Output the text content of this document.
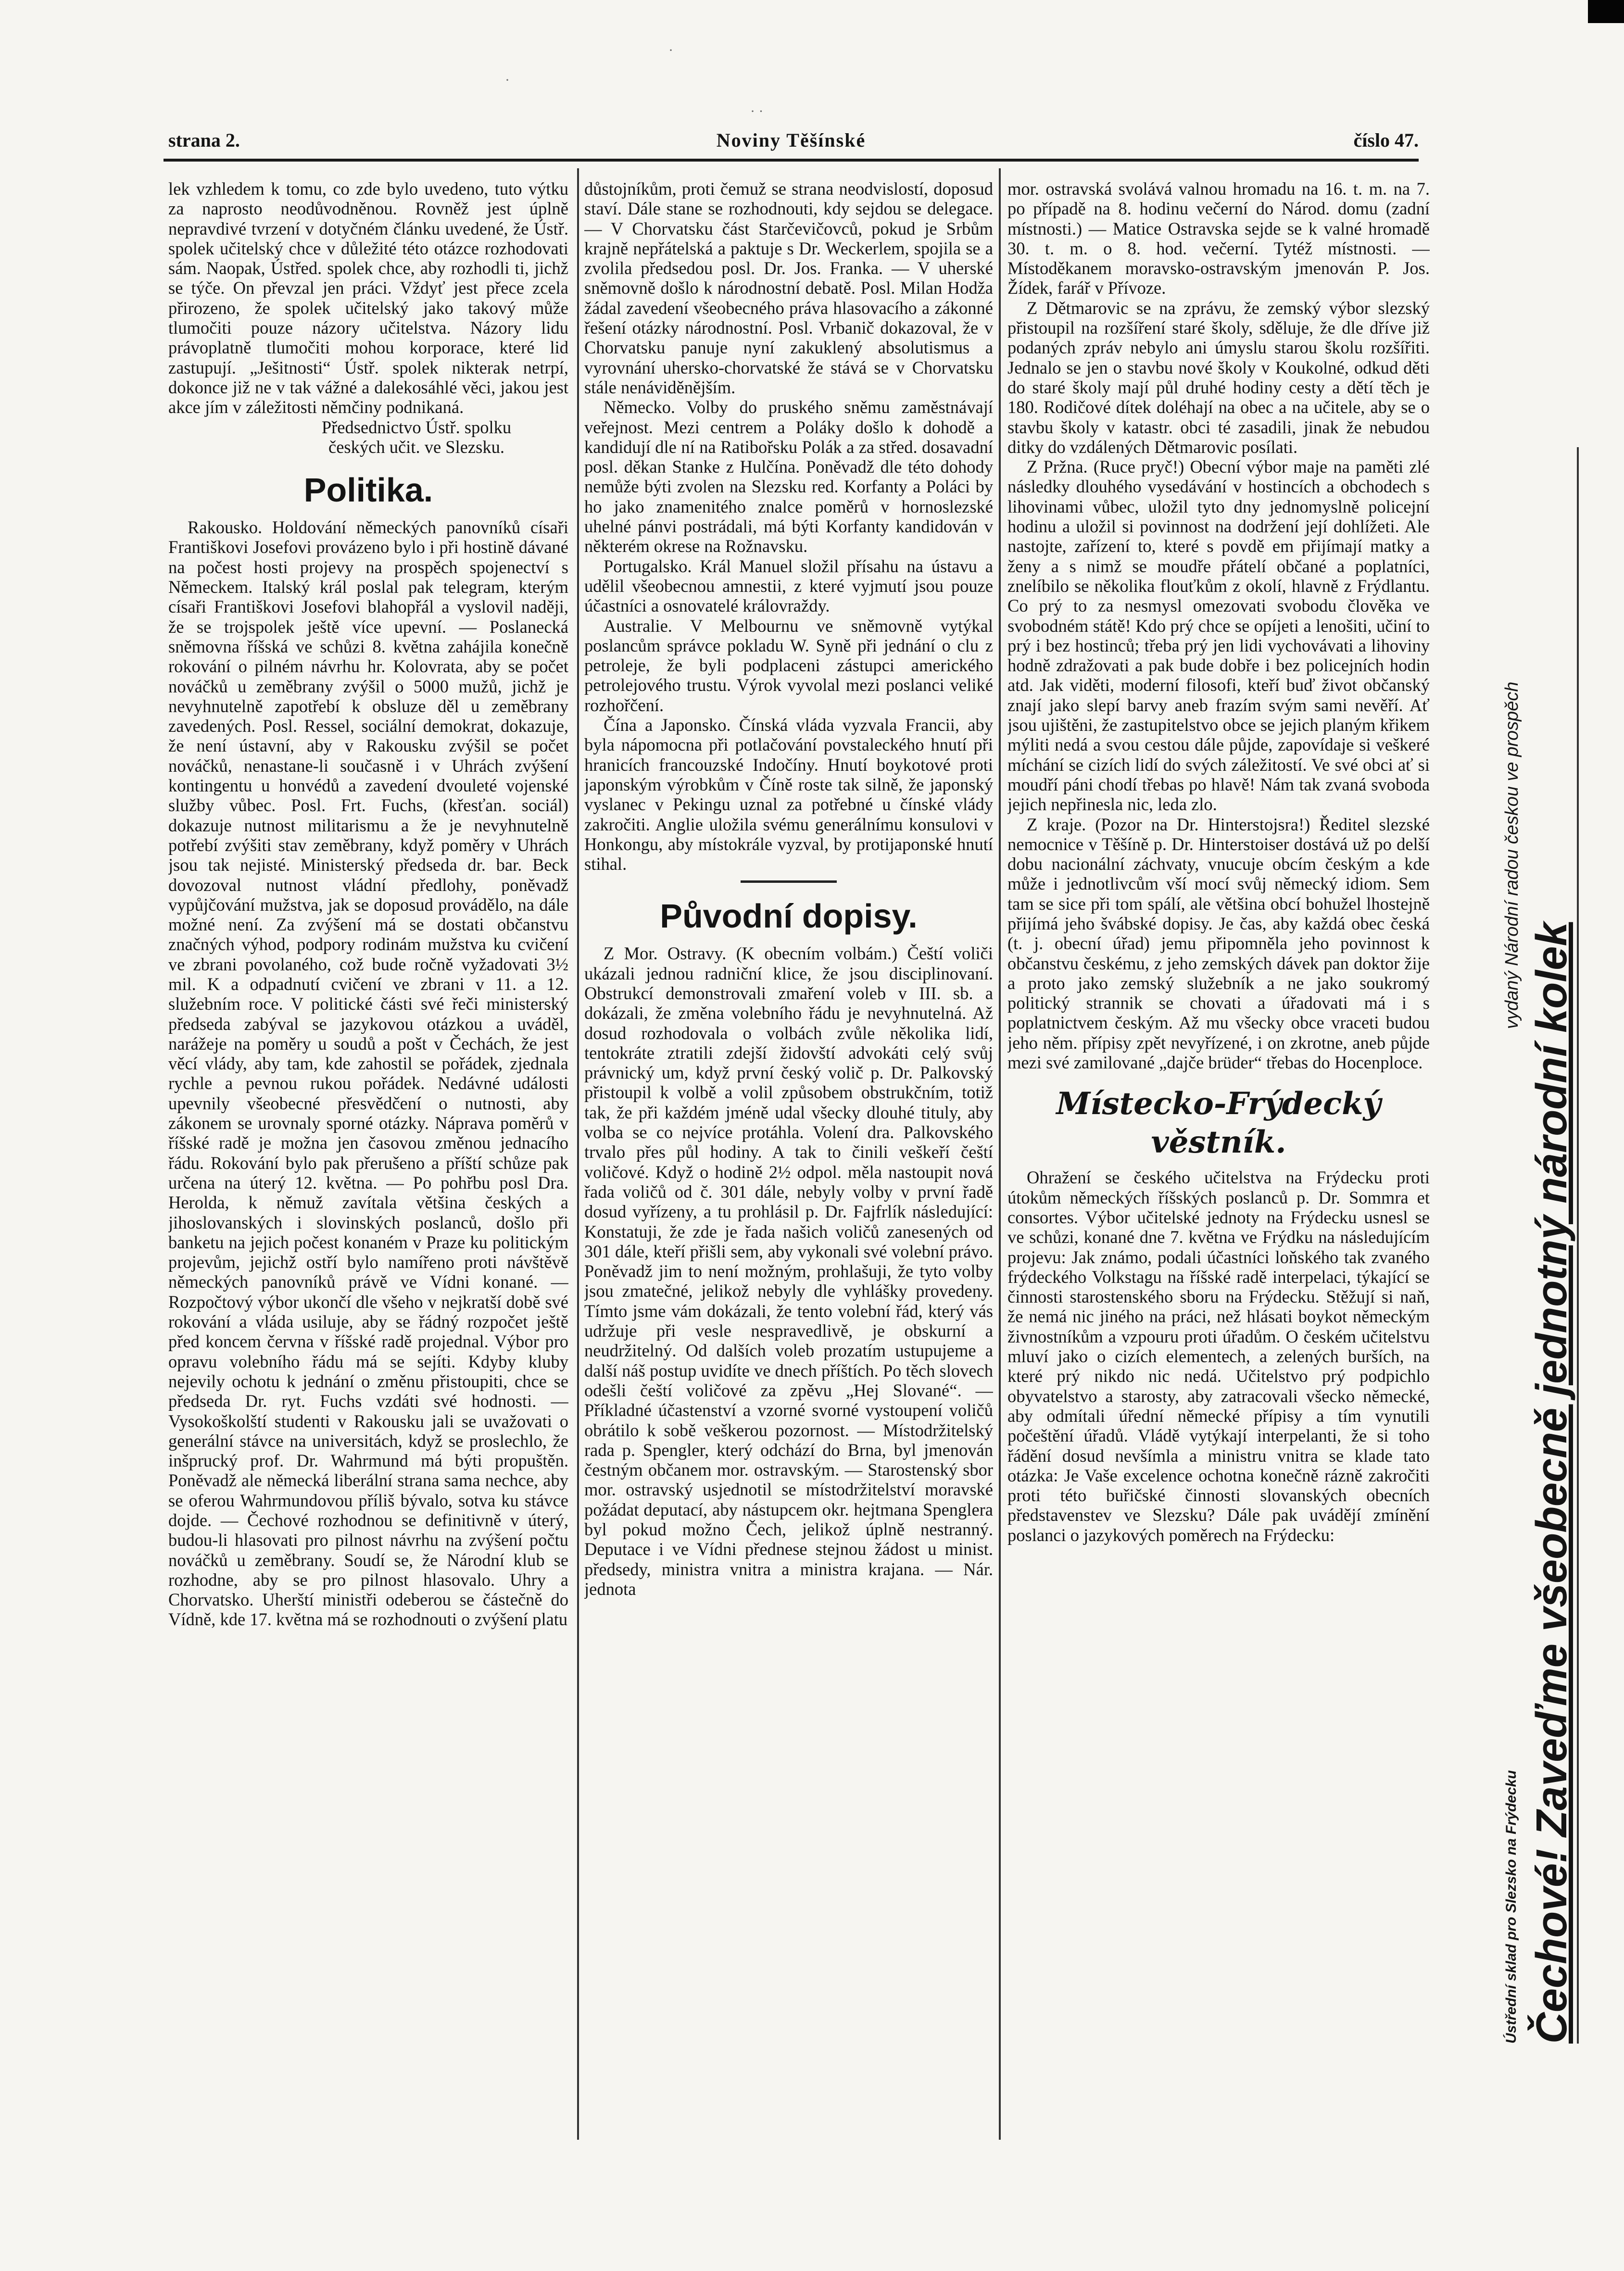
·
· ·
·
Noviny Těšínské
strana 2.	číslo 47.

lek vzhledem k tomu, co zde bylo uvedeno, tuto výtku za naprosto neodůvodněnou. Rovněž jest úplně nepravdivé tvrzení v dotyčném článku uvedené, že Ústř. spolek učitelský chce v důležité této otázce rozhodovati sám. Naopak, Ústřed. spolek chce, aby rozhodli ti, jichž se týče. On převzal jen práci. Vždyť jest přece zcela přirozeno, že spolek učitelský jako takový může tlumočiti pouze názory učitelstva. Názory lidu právoplatně tlumočiti mohou korporace, které lid zastupují. „Ješitnosti“ Ústř. spolek nikterak netrpí, dokonce již ne v tak vážné a dalekosáhlé věci, jakou jest akce jím v záležitosti němčiny podnikaná.

Předsednictvo Ústř. spolku
českých učit. ve Slezsku.
Politika.

Rakousko. Holdování německých panovníků císaři Františkovi Josefovi provázeno bylo i při hostině dávané na počest hosti projevy na prospěch spojenectví s Německem. Italský král poslal pak telegram, kterým císaři Františkovi Josefovi blahopřál a vyslovil naději, že se trojspolek ještě více upevní. — Poslanecká sněmovna říšská ve schůzi 8. května zahájila konečně rokování o pilném návrhu hr. Kolovrata, aby se počet nováčků u zeměbrany zvýšil o 5000 mužů, jichž je nevyhnutelně zapotřebí k obsluze děl u zeměbrany zavedených. Posl. Ressel, sociální demokrat, dokazuje, že není ústavní, aby v Rakousku zvýšil se počet nováčků, nenastane-li současně i v Uhrách zvýšení kontingentu u honvédů a zavedení dvouleté vojenské služby vůbec. Posl. Frt. Fuchs, (křesťan. sociál) dokazuje nutnost militarismu a že je nevyhnutelně potřebí zvýšiti stav zeměbrany, když poměry v Uhrách jsou tak nejisté. Ministerský předseda dr. bar. Beck dovozoval nutnost vládní předlohy, poněvadž vypůjčování mužstva, jak se doposud provádělo, na dále možné není. Za zvýšení má se dostati občanstvu značných výhod, podpory rodinám mužstva ku cvičení ve zbrani povolaného, což bude ročně vyžadovati 3½ mil. K a odpadnutí cvičení ve zbrani v 11. a 12. služebním roce. V politické části své řeči ministerský předseda zabýval se jazykovou otázkou a uváděl, narážeje na poměry u soudů a pošt v Čechách, že jest věcí vlády, aby tam, kde zahostil se pořádek, zjednala rychle a pevnou rukou pořádek. Nedávné události upevnily všeobecné přesvědčení o nutnosti, aby zákonem se urovnaly sporné otázky. Náprava poměrů v říšské radě je možna jen časovou změnou jednacího řádu. Rokování bylo pak přerušeno a příští schůze pak určena na úterý 12. května. — Po pohřbu posl Dra. Herolda, k němuž zavítala většina českých a jihoslovanských i slovinských poslanců, došlo při banketu na jejich počest konaném v Praze ku politickým projevům, jejichž ostří bylo namířeno proti návštěvě německých panovníků právě ve Vídni konané. — Rozpočtový výbor ukončí dle všeho v nejkratší době své rokování a vláda usiluje, aby se řádný rozpočet ještě před koncem června v říšské radě projednal. Výbor pro opravu volebního řádu má se sejíti. Kdyby kluby nejevily ochotu k jednání o změnu přistoupiti, chce se předseda Dr. ryt. Fuchs vzdáti své hodnosti. — Vysokoškolští studenti v Rakousku jali se uvažovati o generální stávce na universitách, když se proslechlo, že inšprucký prof. Dr. Wahrmund má býti propuštěn. Poněvadž ale německá liberální strana sama nechce, aby se oferou Wahrmundovou příliš bývalo, sotva ku stávce dojde. — Čechové rozhodnou se definitivně v úterý, budou-li hlasovati pro pilnost návrhu na zvýšení počtu nováčků u zeměbrany. Soudí se, že Národní klub se rozhodne, aby se pro pilnost hlasovalo. Uhry a Chorvatsko. Uherští ministři odeberou se částečně do Vídně, kde 17. května má se rozhodnouti o zvýšení platu

důstojníkům, proti čemuž se strana neodvislostí, doposud staví. Dále stane se rozhodnouti, kdy sejdou se delegace. — V Chorvatsku část Starčevičovců, pokud je Srbům krajně nepřátelská a paktuje s Dr. Weckerlem, spojila se a zvolila předsedou posl. Dr. Jos. Franka. — V uherské sněmovně došlo k národnostní debatě. Posl. Milan Hodža žádal zavedení všeobecného práva hlasovacího a zákonné řešení otázky národnostní. Posl. Vrbanič dokazoval, že v Chorvatsku panuje nyní zakuklený absolutismus a vyrovnání uhersko-chorvatské že stává se v Chorvatsku stále nenáviděnějším.

Německo. Volby do pruského sněmu zaměstnávají veřejnost. Mezi centrem a Poláky došlo k dohodě a kandidují dle ní na Ratibořsku Polák a za střed. dosavadní posl. děkan Stanke z Hulčína. Poněvadž dle této dohody nemůže býti zvolen na Slezsku red. Korfanty a Poláci by ho jako znamenitého znalce poměrů v hornoslezské uhelné pánvi postrádali, má býti Korfanty kandidován v některém okrese na Rožnavsku.

Portugalsko. Král Manuel složil přísahu na ústavu a udělil všeobecnou amnestii, z které vyjmutí jsou pouze účastníci a osnovatelé královraždy.

Australie. V Melbournu ve sněmovně vytýkal poslancům správce pokladu W. Syně při jednání o clu z petroleje, že byli podplaceni zástupci amerického petrolejového trustu. Výrok vyvolal mezi poslanci veliké rozhořčení.

Čína a Japonsko. Čínská vláda vyzvala Francii, aby byla nápomocna při potlačování povstaleckého hnutí při hranicích francouzské Indočíny. Hnutí boykotové proti japonským výrobkům v Číně roste tak silně, že japonský vyslanec v Pekingu uznal za potřebné u čínské vlády zakročiti. Anglie uložila svému generálnímu konsulovi v Honkongu, aby místokrále vyzval, by protijaponské hnutí stihal.

Původní dopisy.

Z Mor. Ostravy. (K obecním volbám.) Čeští voliči ukázali jednou radniční klice, že jsou disciplinovaní. Obstrukcí demonstrovali zmaření voleb v III. sb. a dokázali, že změna volebního řádu je nevyhnutelná. Až dosud rozhodovala o volbách zvůle několika lidí, tentokráte ztratili zdejší židovští advokáti celý svůj právnický um, když první český volič p. Dr. Palkovský přistoupil k volbě a volil způsobem obstrukčním, totiž tak, že při každém jméně udal všecky dlouhé tituly, aby volba se co nejvíce protáhla. Volení dra. Palkovského trvalo přes půl hodiny. A tak to činili veškeří čeští voličové. Když o hodině 2½ odpol. měla nastoupit nová řada voličů od č. 301 dále, nebyly volby v první řadě dosud vyřízeny, a tu prohlásil p. Dr. Fajfrlík následující: Konstatuji, že zde je řada našich voličů zanesených od 301 dále, kteří přišli sem, aby vykonali své volební právo. Poněvadž jim to není možným, prohlašuji, že tyto volby jsou zmatečné, jelikož nebyly dle vyhlášky provedeny. Tímto jsme vám dokázali, že tento volební řád, který vás udržuje při vesle nespravedlivě, je obskurní a neudržitelný. Od dalších voleb prozatím ustupujeme a další náš postup uvidíte ve dnech příštích. Po těch slovech odešli čeští voličové za zpěvu „Hej Slované“. — Příkladné účastenství a vzorné svorné vystoupení voličů obrátilo k sobě veškerou pozornost. — Místodržitelský rada p. Spengler, který odchází do Brna, byl jmenován čestným občanem mor. ostravským. — Starostenský sbor mor. ostravský usjednotil se místodržitelství moravské požádat deputací, aby nástupcem okr. hejtmana Spenglera byl pokud možno Čech, jelikož úplně nestranný. Deputace i ve Vídni přednese stejnou žádost u minist. předsedy, ministra vnitra a ministra krajana. — Nár. jednota

mor. ostravská svolává valnou hromadu na 16. t. m. na 7. po případě na 8. hodinu večerní do Národ. domu (zadní místnosti.) — Matice Ostravska sejde se k valné hromadě 30. t. m. o 8. hod. večerní. Tytéž místnosti. — Místoděkanem moravsko-ostravským jmenován P. Jos. Žídek, farář v Přívoze.

Z Dětmarovic se na zprávu, že zemský výbor slezský přistoupil na rozšíření staré školy, sděluje, že dle dříve již podaných zpráv nebylo ani úmyslu starou školu rozšířiti. Jednalo se jen o stavbu nové školy v Koukolné, odkud děti do staré školy mají půl druhé hodiny cesty a dětí těch je 180. Rodičové dítek doléhají na obec a na učitele, aby se o stavbu školy v katastr. obci té zasadili, jinak že nebudou ditky do vzdálených Dětmarovic posílati.

Z Pržna. (Ruce pryč!) Obecní výbor maje na paměti zlé následky dlouhého vysedávání v hostincích a obchodech s lihovinami vůbec, uložil tyto dny jednomyslně policejní hodinu a uložil si povinnost na dodržení její dohlížeti. Ale nastojte, zařízení to, které s povdě em přijímají matky a ženy a s nimž se moudře přátelí občané a poplatníci, znelíbilo se několika flouťkům z okolí, hlavně z Frýdlantu. Co prý to za nesmysl omezovati svobodu člověka ve svobodném státě! Kdo prý chce se opíjeti a lenošiti, učiní to prý i bez hostinců; třeba prý jen lidi vychovávati a lihoviny hodně zdražovati a pak bude dobře i bez policejních hodin atd. Jak viděti, moderní filosofi, kteří buď život občanský znají jako slepí barvy aneb frazím svým sami nevěří. Ať jsou ujištěni, že zastupitelstvo obce se jejich planým křikem mýliti nedá a svou cestou dále půjde, zapovídaje si veškeré míchání se cizích lidí do svých záležitostí. Ve své obci ať si moudří páni chodí třebas po hlavě! Nám tak zvaná svoboda jejich nepřinesla nic, leda zlo.

Z kraje. (Pozor na Dr. Hinterstojsra!) Ředitel slezské nemocnice v Těšíně p. Dr. Hinterstoiser dostává už po delší dobu nacionální záchvaty, vnucuje obcím českým a kde může i jednotlivcům vší mocí svůj německý idiom. Sem tam se sice při tom spálí, ale většina obcí bohužel lhostejně přijímá jeho švábské dopisy. Je čas, aby každá obec česká (t. j. obecní úřad) jemu připomněla jeho povinnost k občanstvu českému, z jeho zemských dávek pan doktor žije a proto jako zemský služebník a ne jako soukromý politický strannik se chovati a úřadovati má i s poplatnictvem českým. Až mu všecky obce vraceti budou jeho něm. přípisy zpět nevyřízené, i on zkrotne, aneb půjde mezi své zamilované „dajče brüder“ třebas do Hocenploce.

Místecko-Frýdecký věstník.

Ohražení se českého učitelstva na Frýdecku proti útokům německých říšských poslanců p. Dr. Sommra et consortes. Výbor učitelské jednoty na Frýdecku usnesl se ve schůzi, konané dne 7. května ve Frýdku na následujícím projevu: Jak známo, podali účastníci loňského tak zvaného frýdeckého Volkstagu na říšské radě interpelaci, týkající se činnosti starostenského sboru na Frýdecku. Stěžují si naň, že nemá nic jiného na práci, než hlásati boykot německým živnostníkům a vzpouru proti úřadům. O českém učitelstvu mluví jako o cizích elementech, a zelených burších, na které prý nikdo nic nedá. Učitelstvo prý podpichlo obyvatelstvo a starosty, aby zatracovali všecko německé, aby odmítali úřední německé přípisy a tím vynutili počeštění úřadů. Vládě vytýkají interpelanti, že si toho řádění dosud nevšímla a ministru vnitra se klade tato otázka: Je Vaše excelence ochotna konečně rázně zakročiti proti této buřičské činnosti slovanských obecních představenstev ve Slezsku? Dále pak uvádějí zmínění poslanci o jazykových poměrech na Frýdecku:

Ústřední sklad pro Slezsko na Frýdecku
vydaný Národní radou českou ve prospěch
Čechové! Zaveďme všeobecně jednotný národní kolek
